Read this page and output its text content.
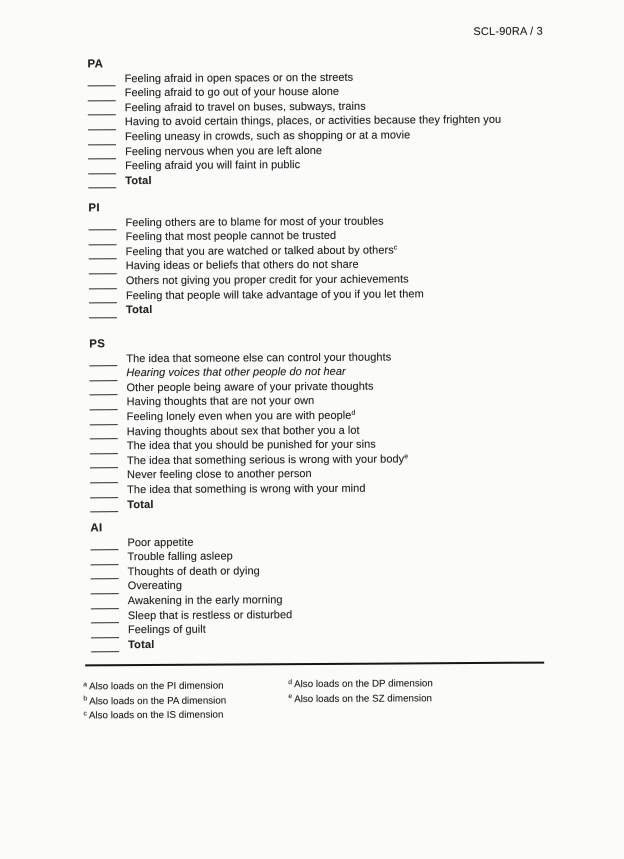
SCL-90RA / 3
PA
Feeling afraid in open spaces or on the streets
Feeling afraid to go out of your house alone
Feeling afraid to travel on buses, subways, trains
Having to avoid certain things, places, or activities because they frighten you
Feeling uneasy in crowds, such as shopping or at a movie
Feeling nervous when you are left alone
Feeling afraid you will faint in public
Total
PI
Feeling others are to blame for most of your troubles
Feeling that most people cannot be trusted
Feeling that you are watched or talked about by others$^c$
Having ideas or beliefs that others do not share
Others not giving you proper credit for your achievements
Feeling that people will take advantage of you if you let them
Total
PS
The idea that someone else can control your thoughts
Hearing voices that other people do not hear
Other people being aware of your private thoughts
Having thoughts that are not your own
Feeling lonely even when you are with people$^d$
Having thoughts about sex that bother you a lot
The idea that you should be punished for your sins
The idea that something serious is wrong with your body$^e$
Never feeling close to another person
The idea that something is wrong with your mind
Total
AI
Poor appetite
Trouble falling asleep
Thoughts of death or dying
Overeating
Awakening in the early morning
Sleep that is restless or disturbed
Feelings of guilt
Total
$^a$ Also loads on the PI dimension
$^b$ Also loads on the PA dimension
$^c$ Also loads on the IS dimension
$^d$ Also loads on the DP dimension
$^e$ Also loads on the SZ dimension
